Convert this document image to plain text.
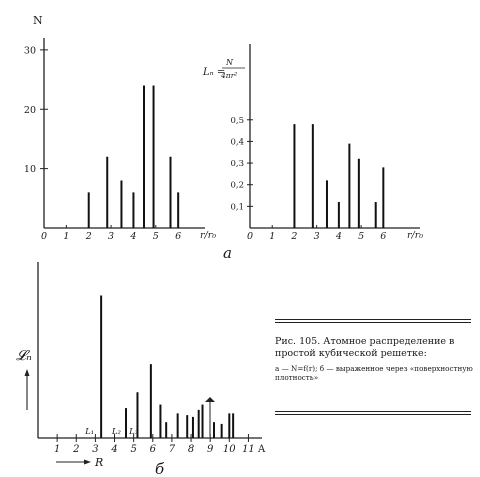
N
r/r₀
10
20
30
0 1 2 3 4 5 6
Lₙ =
N
4πr²
r/r₀
0,1
0,2
0,3
0,4
0,5
0 1 2 3 4 5 6
а
𝓛ₙ
A
R
1 2 3 4 5 6 7 8 9 10 11
L₁ L₂ L₃
б
Рис. 105. Атомное распределение в простой кубической решетке:
а — N=f(r); б — выраженное через «поверхностную плотность»
